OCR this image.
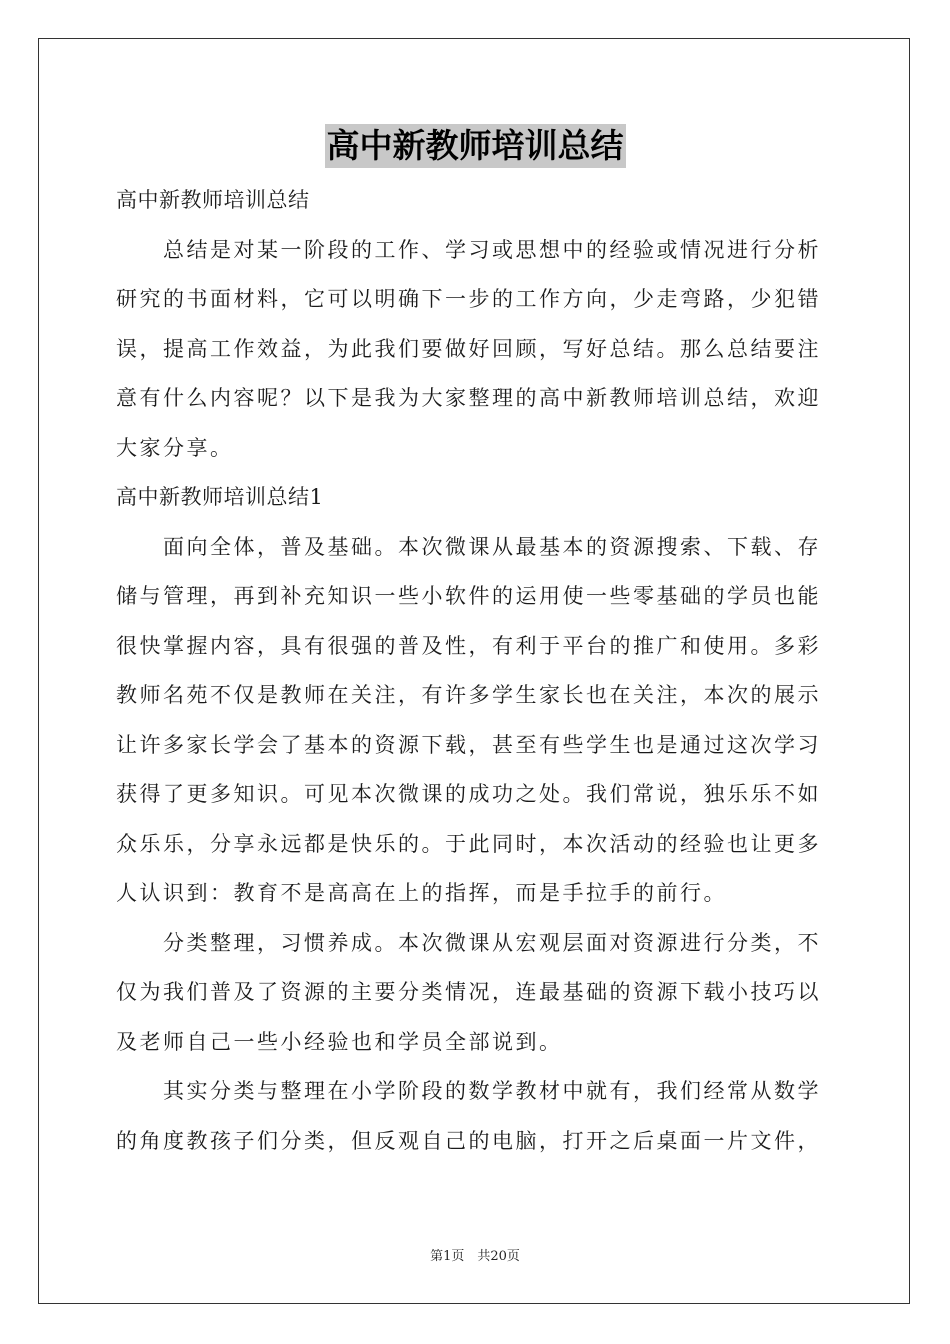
高中新教师培训总结
高中新教师培训总结
　　总结是对某一阶段的工作、学习或思想中的经验或情况进行分析
研究的书面材料，它可以明确下一步的工作方向，少走弯路，少犯错
误，提高工作效益，为此我们要做好回顾，写好总结。那么总结要注
意有什么内容呢？以下是我为大家整理的高中新教师培训总结，欢迎
大家分享。
高中新教师培训总结1
　　面向全体，普及基础。本次微课从最基本的资源搜索、下载、存
储与管理，再到补充知识一些小软件的运用使一些零基础的学员也能
很快掌握内容，具有很强的普及性，有利于平台的推广和使用。多彩
教师名苑不仅是教师在关注，有许多学生家长也在关注，本次的展示
让许多家长学会了基本的资源下载，甚至有些学生也是通过这次学习
获得了更多知识。可见本次微课的成功之处。我们常说，独乐乐不如
众乐乐，分享永远都是快乐的。于此同时，本次活动的经验也让更多
人认识到：教育不是高高在上的指挥，而是手拉手的前行。
　　分类整理，习惯养成。本次微课从宏观层面对资源进行分类，不
仅为我们普及了资源的主要分类情况，连最基础的资源下载小技巧以
及老师自己一些小经验也和学员全部说到。
　　其实分类与整理在小学阶段的数学教材中就有，我们经常从数学
的角度教孩子们分类，但反观自己的电脑，打开之后桌面一片文件，
第1页　共20页
